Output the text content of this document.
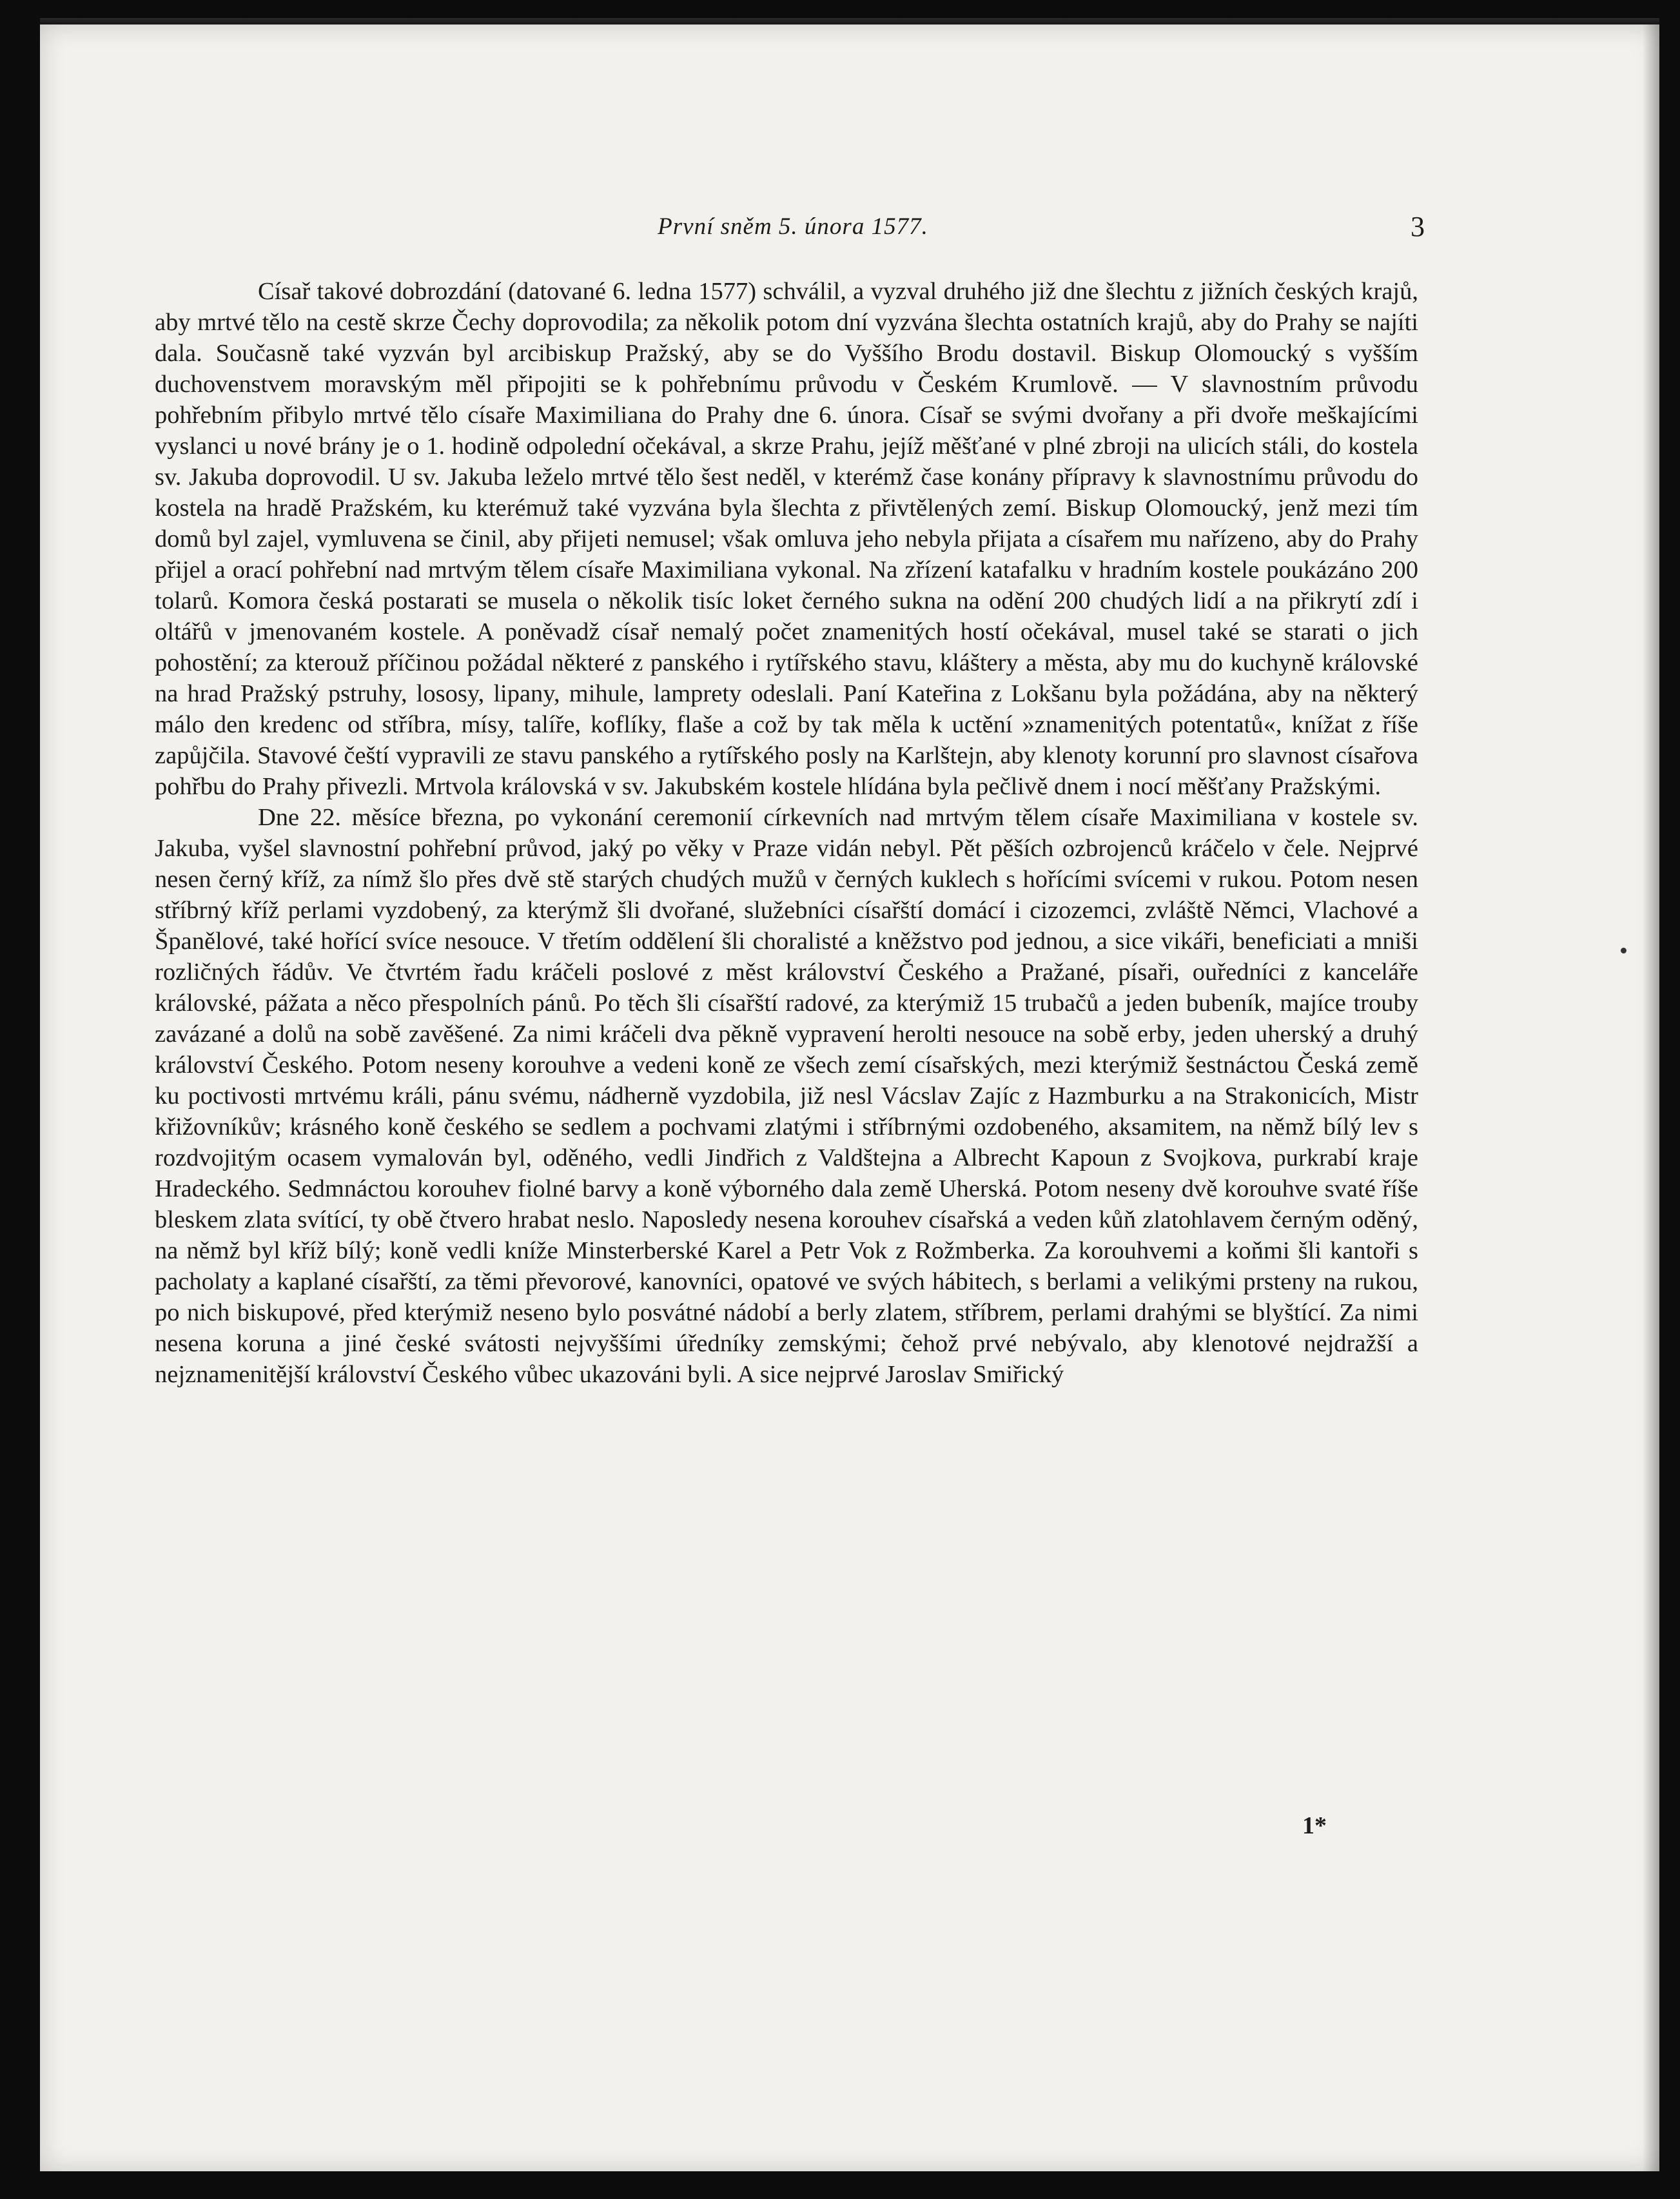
První sněm 5. února 1577.	3

Císař takové dobrozdání (datované 6. ledna 1577) schválil, a vyzval druhého již dne šlechtu z jižních českých krajů, aby mrtvé tělo na cestě skrze Čechy doprovodila; za několik potom dní vyzvána šlechta ostatních krajů, aby do Prahy se najíti dala. Současně také vyzván byl arcibiskup Pražský, aby se do Vyššího Brodu dostavil. Biskup Olomoucký s vyšším duchovenstvem moravským měl připojiti se k pohřebnímu průvodu v Českém Krumlově. — V slavnostním průvodu pohřebním přibylo mrtvé tělo císaře Maximiliana do Prahy dne 6. února. Císař se svými dvořany a při dvoře meškajícími vyslanci u nové brány je o 1. hodině odpolední očekával, a skrze Prahu, jejíž měšťané v plné zbroji na ulicích stáli, do kostela sv. Jakuba doprovodil. U sv. Jakuba leželo mrtvé tělo šest neděl, v kterémž čase konány přípravy k slavnostnímu průvodu do kostela na hradě Pražském, ku kterémuž také vyzvána byla šlechta z přivtělených zemí. Biskup Olomoucký, jenž mezi tím domů byl zajel, vymluvena se činil, aby přijeti nemusel; však omluva jeho nebyla přijata a císařem mu nařízeno, aby do Prahy přijel a orací pohřební nad mrtvým tělem císaře Maximiliana vykonal. Na zřízení katafalku v hradním kostele poukázáno 200 tolarů. Komora česká postarati se musela o několik tisíc loket černého sukna na odění 200 chudých lidí a na přikrytí zdí i oltářů v jmenovaném kostele. A poněvadž císař nemalý počet znamenitých hostí očekával, musel také se starati o jich pohostění; za kterouž příčinou požádal některé z panského i rytířského stavu, kláštery a města, aby mu do kuchyně královské na hrad Pražský pstruhy, lososy, lipany, mihule, lamprety odeslali. Paní Kateřina z Lokšanu byla požádána, aby na některý málo den kredenc od stříbra, mísy, talíře, koflíky, flaše a což by tak měla k uctění »znamenitých potentatů«, knížat z říše zapůjčila. Stavové čeští vypravili ze stavu panského a rytířského posly na Karlštejn, aby klenoty korunní pro slavnost císařova pohřbu do Prahy přivezli. Mrtvola královská v sv. Jakubském kostele hlídána byla pečlivě dnem i nocí měšťany Pražskými.

Dne 22. měsíce března, po vykonání ceremonií církevních nad mrtvým tělem císaře Maximiliana v kostele sv. Jakuba, vyšel slavnostní pohřební průvod, jaký po věky v Praze vidán nebyl. Pět pěších ozbrojenců kráčelo v čele. Nejprvé nesen černý kříž, za nímž šlo přes dvě stě starých chudých mužů v černých kuklech s hořícími svícemi v rukou. Potom nesen stříbrný kříž perlami vyzdobený, za kterýmž šli dvořané, služebníci císařští domácí i cizozemci, zvláště Němci, Vlachové a Španělové, také hořící svíce nesouce. V třetím oddělení šli choralisté a kněžstvo pod jednou, a sice vikáři, beneficiati a mniši rozličných řádův. Ve čtvrtém řadu kráčeli poslové z měst království Českého a Pražané, písaři, ouředníci z kanceláře královské, pážata a něco přespolních pánů. Po těch šli císařští radové, za kterýmiž 15 trubačů a jeden bubeník, majíce trouby zavázané a dolů na sobě zavěšené. Za nimi kráčeli dva pěkně vypravení herolti nesouce na sobě erby, jeden uherský a druhý království Českého. Potom neseny korouhve a vedeni koně ze všech zemí císařských, mezi kterýmiž šestnáctou Česká země ku poctivosti mrtvému králi, pánu svému, nádherně vyzdobila, již nesl Vácslav Zajíc z Hazmburku a na Strakonicích, Mistr křižovníkův; krásného koně českého se sedlem a pochvami zlatými i stříbrnými ozdobeného, aksamitem, na němž bílý lev s rozdvojitým ocasem vymalován byl, oděného, vedli Jindřich z Valdštejna a Albrecht Kapoun z Svojkova, purkrabí kraje Hradeckého. Sedmnáctou korouhev fiolné barvy a koně výborného dala země Uherská. Potom neseny dvě korouhve svaté říše bleskem zlata svítící, ty obě čtvero hrabat neslo. Naposledy nesena korouhev císařská a veden kůň zlatohlavem černým oděný, na němž byl kříž bílý; koně vedli kníže Minsterberské Karel a Petr Vok z Rožmberka. Za korouhvemi a koňmi šli kantoři s pacholaty a kaplané císařští, za těmi převorové, kanovníci, opatové ve svých hábitech, s berlami a velikými prsteny na rukou, po nich biskupové, před kterýmiž neseno bylo posvátné nádobí a berly zlatem, stříbrem, perlami drahými se blyštící. Za nimi nesena koruna a jiné české svátosti nejvyššími úředníky zemskými; čehož prvé nebývalo, aby klenotové nejdražší a nejznamenitější království Českého vůbec ukazováni byli. A sice nejprvé Jaroslav Smiřický

1*
